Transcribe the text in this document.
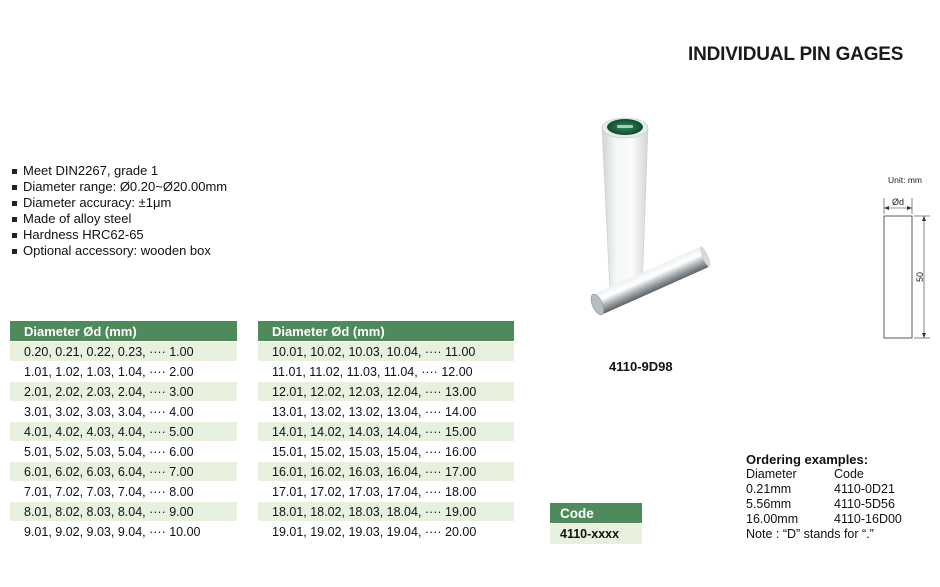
INDIVIDUAL PIN GAGES
Meet DIN2267, grade 1
Diameter range: Ø0.20~Ø20.00mm
Diameter accuracy: ±1μm
Made of alloy steel
Hardness HRC62-65
Optional accessory: wooden box
Diameter Ød (mm)
0.20, 0.21, 0.22, 0.23, ···· 1.00
1.01, 1.02, 1.03, 1.04, ···· 2.00
2.01, 2.02, 2.03, 2.04, ···· 3.00
3.01, 3.02, 3.03, 3.04, ···· 4.00
4.01, 4.02, 4.03, 4.04, ···· 5.00
5.01, 5.02, 5.03, 5.04, ···· 6.00
6.01, 6.02, 6.03, 6.04, ···· 7.00
7.01, 7.02, 7.03, 7.04, ···· 8.00
8.01, 8.02, 8.03, 8.04, ···· 9.00
9.01, 9.02, 9.03, 9.04, ···· 10.00
Diameter Ød (mm)
10.01, 10.02, 10.03, 10.04, ···· 11.00
11.01, 11.02, 11.03, 11.04, ···· 12.00
12.01, 12.02, 12.03, 12.04, ···· 13.00
13.01, 13.02, 13.02, 13.04, ···· 14.00
14.01, 14.02, 14.03, 14.04, ···· 15.00
15.01, 15.02, 15.03, 15.04, ···· 16.00
16.01, 16.02, 16.03, 16.04, ···· 17.00
17.01, 17.02, 17.03, 17.04, ···· 18.00
18.01, 18.02, 18.03, 18.04, ···· 19.00
19.01, 19.02, 19.03, 19.04, ···· 20.00
Code
4110-xxxx
4110-9D98
Unit: mm
Ød
50
Ordering examples:
Diameter	Code
0.21mm	4110-0D21
5.56mm	4110-5D56
16.00mm	4110-16D00
Note : “D” stands for “.”
